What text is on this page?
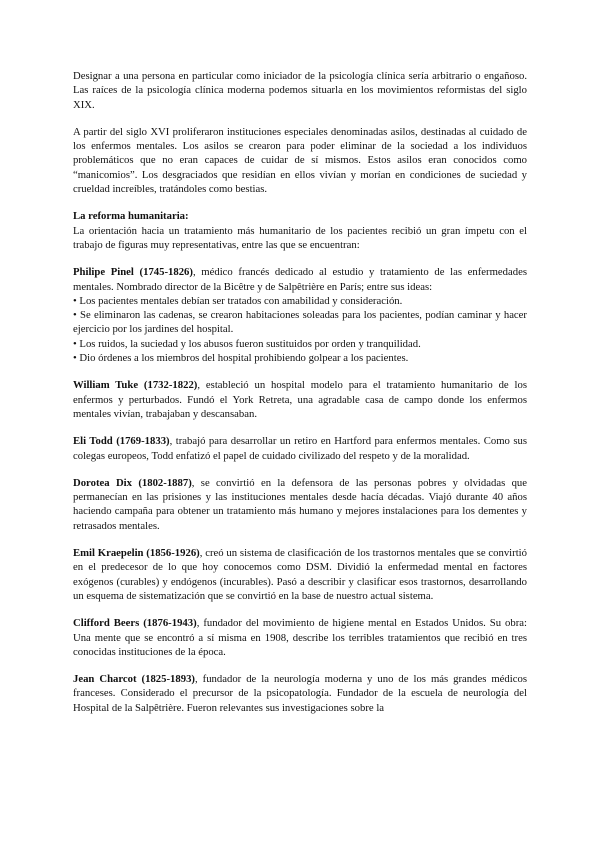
Designar a una persona en particular como iniciador de la psicología clínica sería arbitrario o engañoso. Las raíces de la psicología clínica moderna podemos situarla en los movimientos reformistas del siglo XIX.

A partir del siglo XVI proliferaron instituciones especiales denominadas asilos, destinadas al cuidado de los enfermos mentales. Los asilos se crearon para poder eliminar de la sociedad a los individuos problemáticos que no eran capaces de cuidar de sí mismos. Estos asilos eran conocidos como “manicomios”. Los desgraciados que residían en ellos vivían y morían en condiciones de suciedad y crueldad increíbles, tratándoles como bestias.

La reforma humanitaria:

La orientación hacia un tratamiento más humanitario de los pacientes recibió un gran ímpetu con el trabajo de figuras muy representativas, entre las que se encuentran:

Philipe Pinel (1745-1826), médico francés dedicado al estudio y tratamiento de las enfermedades mentales. Nombrado director de la Bicêtre y de Salpêtrière en París; entre sus ideas:

• Los pacientes mentales debían ser tratados con amabilidad y consideración.
• Se eliminaron las cadenas, se crearon habitaciones soleadas para los pacientes, podían caminar y hacer ejercicio por los jardines del hospital.
• Los ruidos, la suciedad y los abusos fueron sustituidos por orden y tranquilidad.
• Dio órdenes a los miembros del hospital prohibiendo golpear a los pacientes.

William Tuke (1732-1822), estableció un hospital modelo para el tratamiento humanitario de los enfermos y perturbados. Fundó el York Retreta, una agradable casa de campo donde los enfermos mentales vivían, trabajaban y descansaban.

Eli Todd (1769-1833), trabajó para desarrollar un retiro en Hartford para enfermos mentales. Como sus colegas europeos, Todd enfatizó el papel de cuidado civilizado del respeto y de la moralidad.

Dorotea Dix (1802-1887), se convirtió en la defensora de las personas pobres y olvidadas que permanecían en las prisiones y las instituciones mentales desde hacía décadas. Viajó durante 40 años haciendo campaña para obtener un tratamiento más humano y mejores instalaciones para los dementes y retrasados mentales.

Emil Kraepelin (1856-1926), creó un sistema de clasificación de los trastornos mentales que se convirtió en el predecesor de lo que hoy conocemos como DSM. Dividió la enfermedad mental en factores exógenos (curables) y endógenos (incurables). Pasó a describir y clasificar esos trastornos, desarrollando un esquema de sistematización que se convirtió en la base de nuestro actual sistema.

Clifford Beers (1876-1943), fundador del movimiento de higiene mental en Estados Unidos. Su obra: Una mente que se encontró a sí misma en 1908, describe los terribles tratamientos que recibió en tres conocidas instituciones de la época.

Jean Charcot (1825-1893), fundador de la neurología moderna y uno de los más grandes médicos franceses. Considerado el precursor de la psicopatología. Fundador de la escuela de neurología del Hospital de la Salpêtrière. Fueron relevantes sus investigaciones sobre la
